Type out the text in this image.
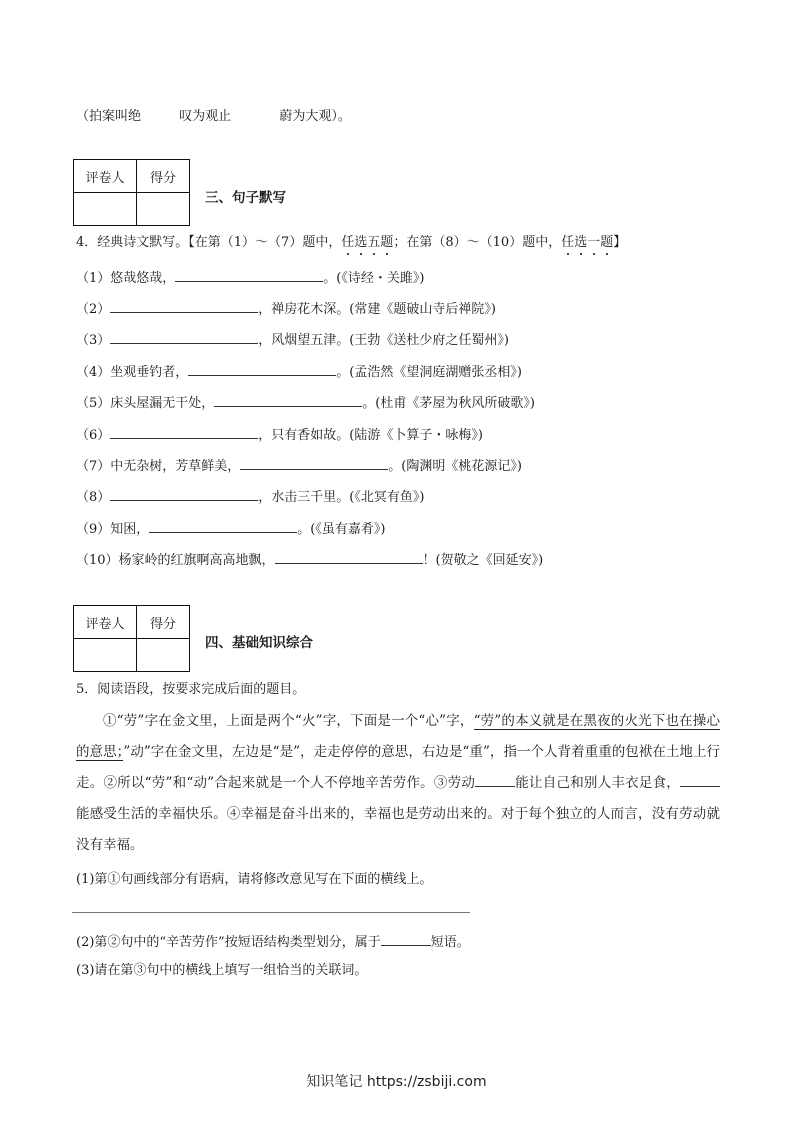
（拍案叫绝	叹为观止	蔚为大观）。
评卷人	得分

三、句子默写
4．经典诗文默写。【在第（1）～（7）题中，任选五题；在第（8）～（10）题中，任选一题】
（1）悠哉悠哉，	。(《诗经・关雎》)
（2）	，禅房花木深。(常建《题破山寺后禅院》)
（3）	，风烟望五津。(王勃《送杜少府之任蜀州》)
（4）坐观垂钓者，	。(孟浩然《望洞庭湖赠张丞相》)
（5）床头屋漏无干处，	。(杜甫《茅屋为秋风所破歌》)
（6）	，只有香如故。(陆游《卜算子・咏梅》)
（7）中无杂树，芳草鲜美，	。(陶渊明《桃花源记》)
（8）	，水击三千里。(《北冥有鱼》)
（9）知困，	。(《虽有嘉肴》)
（10）杨家岭的红旗啊高高地飘，	！(贺敬之《回延安》)
评卷人	得分

四、基础知识综合
5．阅读语段，按要求完成后面的题目。
①“劳”字在金文里，上面是两个“火”字，下面是一个“心”字，“劳”的本义就是在黑夜的火光下也在操心的意思；”动”字在金文里，左边是“是”，走走停停的意思，右边是“重”，指一个人背着重重的包袱在土地上行走。②所以“劳”和“动”合起来就是一个人不停地辛苦劳作。③劳动	能让自己和别人丰衣足食，能感受生活的幸福快乐。④幸福是奋斗出来的，幸福也是劳动出来的。对于每个独立的人而言，没有劳动就没有幸福。
(1)第①句画线部分有语病，请将修改意见写在下面的横线上。
(2)第②句中的“辛苦劳作”按短语结构类型划分，属于	短语。
(3)请在第③句中的横线上填写一组恰当的关联词。
知识笔记 https://zsbiji.com
